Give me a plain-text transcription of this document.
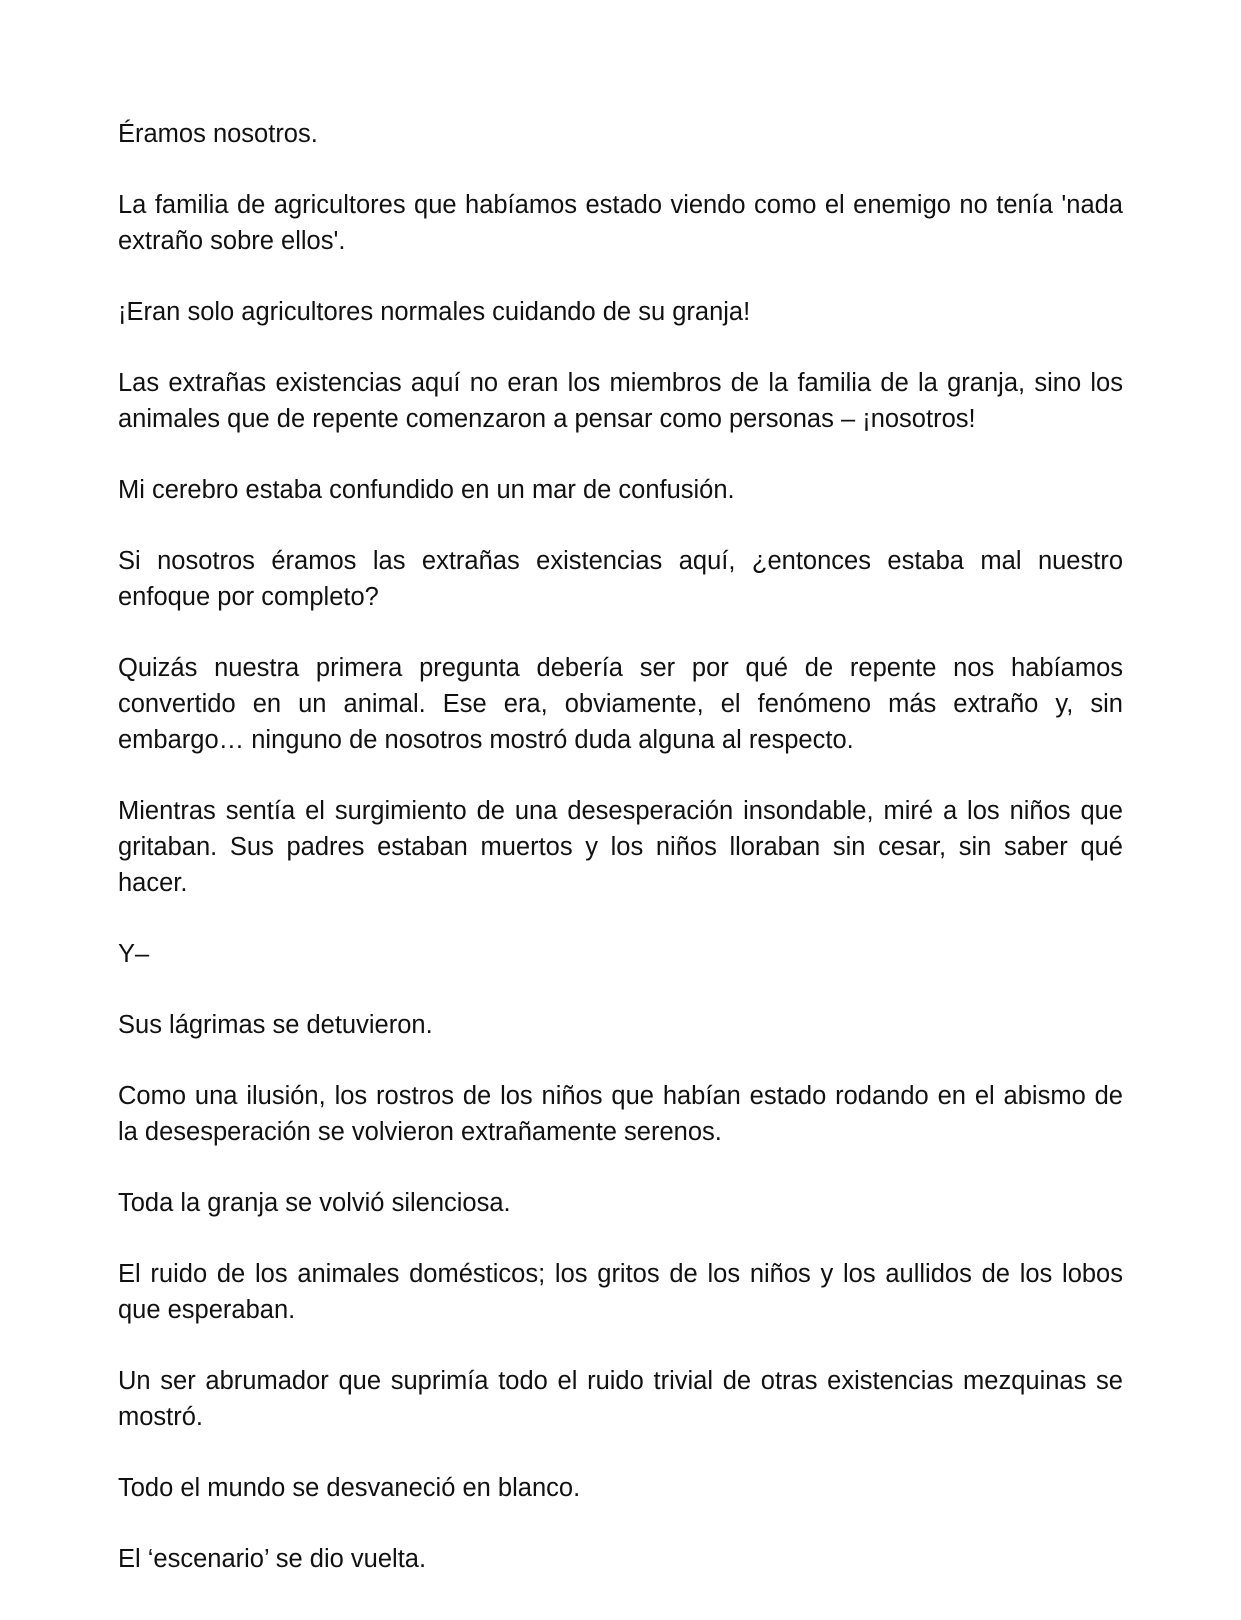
Éramos nosotros.

La familia de agricultores que habíamos estado viendo como el enemigo no tenía 'nada extraño sobre ellos'.

¡Eran solo agricultores normales cuidando de su granja!

Las extrañas existencias aquí no eran los miembros de la familia de la granja, sino los animales que de repente comenzaron a pensar como personas – ¡nosotros!

Mi cerebro estaba confundido en un mar de confusión.

Si nosotros éramos las extrañas existencias aquí, ¿entonces estaba mal nuestro enfoque por completo?

Quizás nuestra primera pregunta debería ser por qué de repente nos habíamos convertido en un animal. Ese era, obviamente, el fenómeno más extraño y, sin embargo… ninguno de nosotros mostró duda alguna al respecto.

Mientras sentía el surgimiento de una desesperación insondable, miré a los niños que gritaban. Sus padres estaban muertos y los niños lloraban sin cesar, sin saber qué hacer.

Y–

Sus lágrimas se detuvieron.

Como una ilusión, los rostros de los niños que habían estado rodando en el abismo de la desesperación se volvieron extrañamente serenos.

Toda la granja se volvió silenciosa.

El ruido de los animales domésticos; los gritos de los niños y los aullidos de los lobos que esperaban.

Un ser abrumador que suprimía todo el ruido trivial de otras existencias mezquinas se mostró.

Todo el mundo se desvaneció en blanco.

El ‘escenario’ se dio vuelta.
